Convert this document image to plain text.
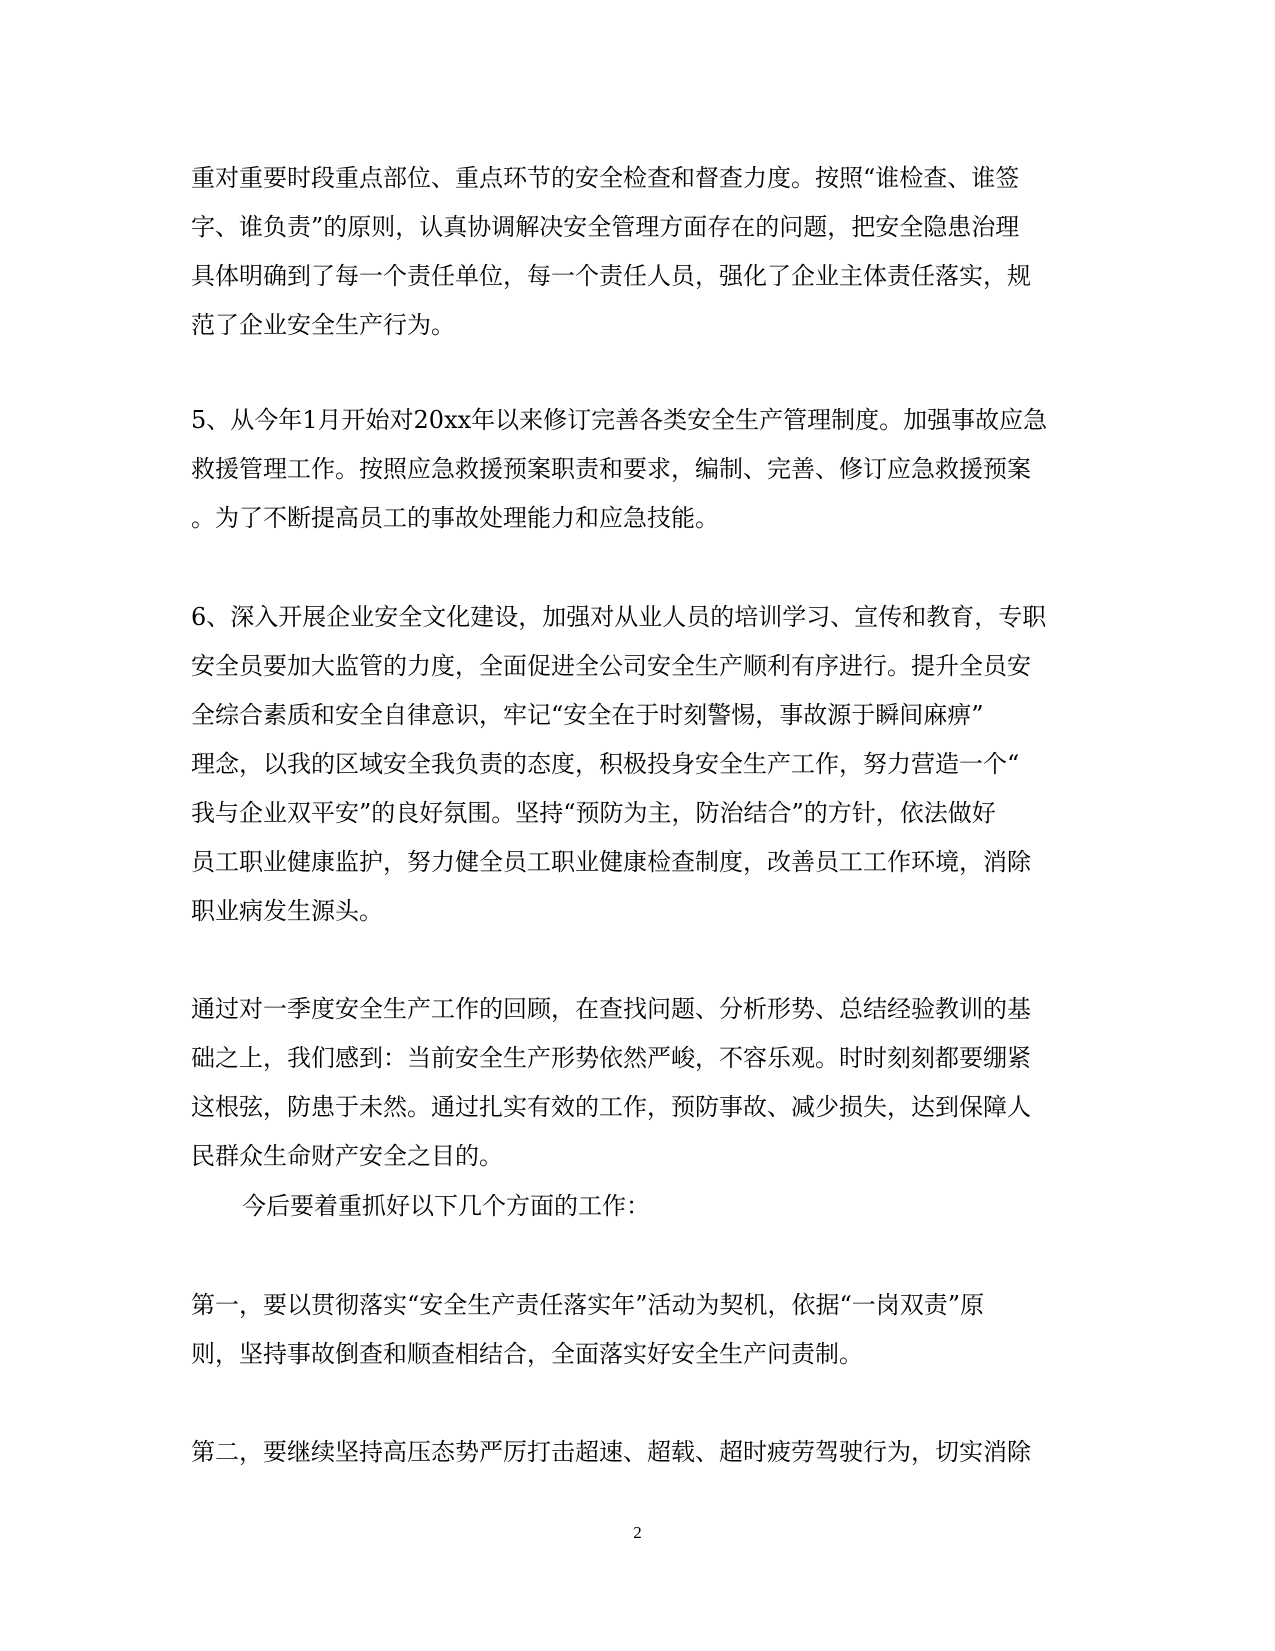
重对重要时段重点部位、重点环节的安全检查和督查力度。按照“谁检查、谁签
字、谁负责”的原则，认真协调解决安全管理方面存在的问题，把安全隐患治理
具体明确到了每一个责任单位，每一个责任人员，强化了企业主体责任落实，规
范了企业安全生产行为。
5、从今年1月开始对20xx年以来修订完善各类安全生产管理制度。加强事故应急
救援管理工作。按照应急救援预案职责和要求，编制、完善、修订应急救援预案
。为了不断提高员工的事故处理能力和应急技能。
6、深入开展企业安全文化建设，加强对从业人员的培训学习、宣传和教育，专职
安全员要加大监管的力度，全面促进全公司安全生产顺利有序进行。提升全员安
全综合素质和安全自律意识，牢记“安全在于时刻警惕，事故源于瞬间麻痹”
理念，以我的区域安全我负责的态度，积极投身安全生产工作，努力营造一个“
我与企业双平安”的良好氛围。坚持“预防为主，防治结合”的方针，依法做好
员工职业健康监护，努力健全员工职业健康检查制度，改善员工工作环境，消除
职业病发生源头。
通过对一季度安全生产工作的回顾，在查找问题、分析形势、总结经验教训的基
础之上，我们感到：当前安全生产形势依然严峻，不容乐观。时时刻刻都要绷紧
这根弦，防患于未然。通过扎实有效的工作，预防事故、减少损失，达到保障人
民群众生命财产安全之目的。
今后要着重抓好以下几个方面的工作：
第一，要以贯彻落实“安全生产责任落实年”活动为契机，依据“一岗双责”原
则，坚持事故倒查和顺查相结合，全面落实好安全生产问责制。
第二，要继续坚持高压态势严厉打击超速、超载、超时疲劳驾驶行为，切实消除
2
